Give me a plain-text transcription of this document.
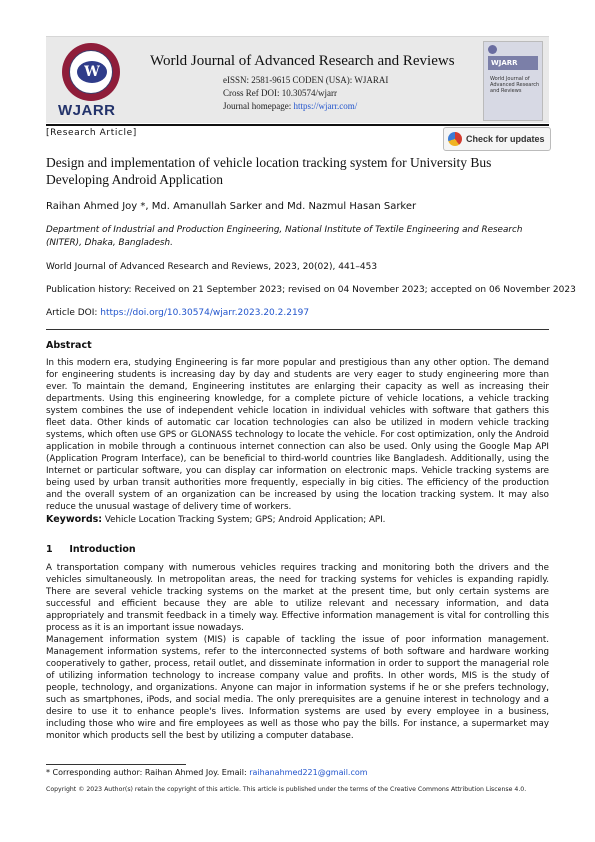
W
WJARR
World Journal of Advanced Research and Reviews
eISSN: 2581-9615 CODEN (USA): WJARAI
Cross Ref DOI: 10.30574/wjarr
Journal homepage: https://wjarr.com/
WJARR
World Journal of Advanced Research and Reviews
[Research Article]
Check for updates
Design and implementation of vehicle location tracking system for University Bus Developing Android Application
Raihan Ahmed Joy *, Md. Amanullah Sarker and Md. Nazmul Hasan Sarker
Department of Industrial and Production Engineering, National Institute of Textile Engineering and Research (NITER), Dhaka, Bangladesh.
World Journal of Advanced Research and Reviews, 2023, 20(02), 441–453
Publication history: Received on 21 September 2023; revised on 04 November 2023; accepted on 06 November 2023
Article DOI: https://doi.org/10.30574/wjarr.2023.20.2.2197
Abstract
In this modern era, studying Engineering is far more popular and prestigious than any other option. The demand for engineering students is increasing day by day and students are very eager to study engineering more than ever. To maintain the demand, Engineering institutes are enlarging their capacity as well as increasing their departments. Using this engineering knowledge, for a complete picture of vehicle locations, a vehicle tracking system combines the use of independent vehicle location in individual vehicles with software that gathers this fleet data. Other kinds of automatic car location technologies can also be utilized in modern vehicle tracking systems, which often use GPS or GLONASS technology to locate the vehicle. For cost optimization, only the Android application in mobile through a continuous internet connection can also be used. Only using the Google Map API (Application Program Interface), can be beneficial to third-world countries like Bangladesh. Additionally, using the Internet or particular software, you can display car information on electronic maps. Vehicle tracking systems are being used by urban transit authorities more frequently, especially in big cities. The efficiency of the production and the overall system of an organization can be increased by using the location tracking system. It may also reduce the unusual wastage of delivery time of workers.
Keywords: Vehicle Location Tracking System; GPS; Android Application; API.
1 Introduction
A transportation company with numerous vehicles requires tracking and monitoring both the drivers and the vehicles simultaneously. In metropolitan areas, the need for tracking systems for vehicles is expanding rapidly. There are several vehicle tracking systems on the market at the present time, but only certain systems are successful and efficient because they are able to utilize relevant and necessary information, and data appropriately and transmit feedback in a timely way. Effective information management is vital for controlling this process as it is an important issue nowadays.
Management information system (MIS) is capable of tackling the issue of poor information management. Management information systems, refer to the interconnected systems of both software and hardware working cooperatively to gather, process, retail outlet, and disseminate information in order to support the managerial role of utilizing information technology to increase company value and profits. In other words, MIS is the study of people, technology, and organizations. Anyone can major in information systems if he or she prefers technology, such as smartphones, iPods, and social media. The only prerequisites are a genuine interest in technology and a desire to use it to enhance people's lives. Information systems are used by every employee in a business, including those who wire and fire employees as well as those who pay the bills. For instance, a supermarket may monitor which products sell the best by utilizing a computer database.
* Corresponding author: Raihan Ahmed Joy. Email: raihanahmed221@gmail.com
Copyright © 2023 Author(s) retain the copyright of this article. This article is published under the terms of the Creative Commons Attribution Liscense 4.0.
